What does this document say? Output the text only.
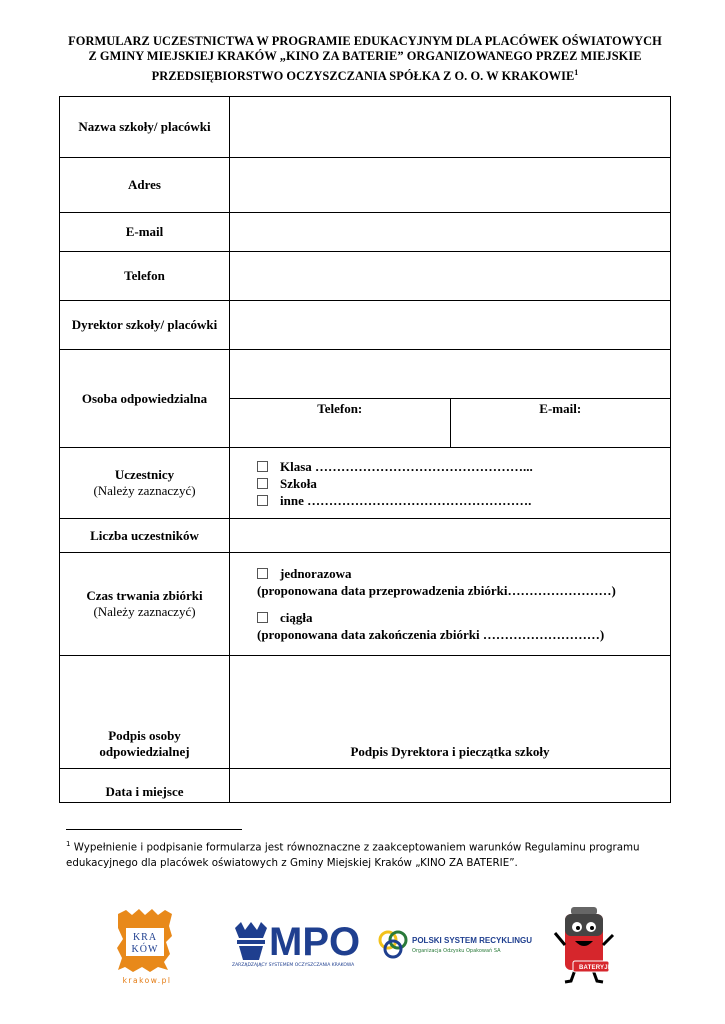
FORMULARZ UCZESTNICTWA W PROGRAMIE EDUKACYJNYM DLA PLACÓWEK OŚWIATOWYCH
Z GMINY MIEJSKIEJ KRAKÓW „KINO ZA BATERIE” ORGANIZOWANEGO PRZEZ MIEJSKIE
PRZEDSIĘBIORSTWO OCZYSZCZANIA SPÓŁKA Z O. O. W KRAKOWIE$^1$
Nazwa szkoły/ placówki	
Adres	
E-mail	
Telefon	
Dyrektor szkoły/ placówki	
Osoba odpowiedzialna	

Telefon:	E-mail:

Uczestnicy
(Należy zaznaczyć)

Klasa …………………………………………...
Szkoła
inne …………………………………………….

Liczba uczestników	

Czas trwania zbiórki
(Należy zaznaczyć)

jednorazowa
(proponowana data przeprowadzenia zbiórki……………………)
ciągła
(proponowana data zakończenia zbiórki ………………………)

Podpis osoby
odpowiedzialnej	Podpis Dyrektora i pieczątka szkoły
Data i miejsce	
$^1$ Wypełnienie i podpisanie formularza jest równoznaczne z zaakceptowaniem warunków Regulaminu programu edukacyjnego dla placówek oświatowych z Gminy Miejskiej Kraków „KINO ZA BATERIE”.
KRA
KÓW
krakow.pl
MPO
ZARZĄDZAJĄCY SYSTEMEM OCZYSZCZANIA KRAKOWA
POLSKI SYSTEM RECYKLINGU
Organizacja Odzysku Opakowań SA
BATERYJKA
